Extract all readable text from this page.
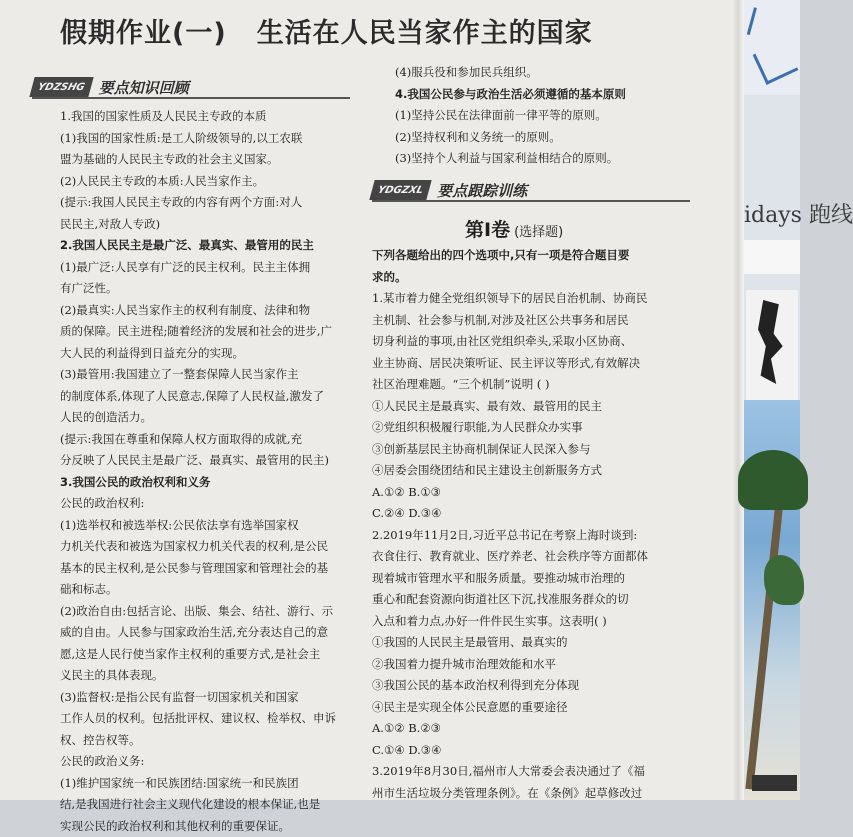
假期作业(一) 生活在人民当家作主的国家
YDZSHG 要点知识回顾
1.我国的国家性质及人民民主专政的本质
(1)我国的国家性质:是工人阶级领导的,以工农联
盟为基础的人民民主专政的社会主义国家。
(2)人民民主专政的本质:人民当家作主。
(提示:我国人民民主专政的内容有两个方面:对人
民民主,对敌人专政)
2.我国人民民主是最广泛、最真实、最管用的民主
(1)最广泛:人民享有广泛的民主权利。民主主体拥
有广泛性。
(2)最真实:人民当家作主的权利有制度、法律和物
质的保障。民主进程;随着经济的发展和社会的进步,广
大人民的利益得到日益充分的实现。
(3)最管用:我国建立了一整套保障人民当家作主
的制度体系,体现了人民意志,保障了人民权益,激发了
人民的创造活力。
(提示:我国在尊重和保障人权方面取得的成就,充
分反映了人民民主是最广泛、最真实、最管用的民主)
3.我国公民的政治权利和义务
公民的政治权利:
(1)选举权和被选举权:公民依法享有选举国家权
力机关代表和被选为国家权力机关代表的权利,是公民
基本的民主权利,是公民参与管理国家和管理社会的基
础和标志。
(2)政治自由:包括言论、出版、集会、结社、游行、示
威的自由。人民参与国家政治生活,充分表达自己的意
愿,这是人民行使当家作主权利的重要方式,是社会主
义民主的具体表现。
(3)监督权:是指公民有监督一切国家机关和国家
工作人员的权利。包括批评权、建议权、检举权、申诉
权、控告权等。
公民的政治义务:
(1)维护国家统一和民族团结:国家统一和民族团
结,是我国进行社会主义现代化建设的根本保证,也是
实现公民的政治权利和其他权利的重要保证。
(4)服兵役和参加民兵组织。
4.我国公民参与政治生活必须遵循的基本原则
(1)坚持公民在法律面前一律平等的原则。
(2)坚持权利和义务统一的原则。
(3)坚持个人利益与国家利益相结合的原则。
YDGZXL 要点跟踪训练
第Ⅰ卷 (选择题)
下列各题给出的四个选项中,只有一项是符合题目要
求的。
1.某市着力健全党组织领导下的居民自治机制、协商民
主机制、社会参与机制,对涉及社区公共事务和居民
切身利益的事项,由社区党组织牵头,采取小区协商、
业主协商、居民决策听证、民主评议等形式,有效解决
社区治理难题。“三个机制”说明 ( )
①人民民主是最真实、最有效、最管用的民主
②党组织积极履行职能,为人民群众办实事
③创新基层民主协商机制保证人民深入参与
④居委会围绕团结和民主建设主创新服务方式
A.①② B.①③
C.②④ D.③④
2.2019年11月2日,习近平总书记在考察上海时谈到:
衣食住行、教育就业、医疗养老、社会秩序等方面都体
现着城市管理水平和服务质量。要推动城市治理的
重心和配套资源向街道社区下沉,找准服务群众的切
入点和着力点,办好一件件民生实事。这表明( )
①我国的人民民主是最管用、最真实的
②我国着力提升城市治理效能和水平
③我国公民的基本政治权利得到充分体现
④民主是实现全体公民意愿的重要途径
A.①② B.②③
C.①④ D.③④
3.2019年8月30日,福州市人大常委会表决通过了《福
州市生活垃圾分类管理条例》。在《条例》起草修改过
idays 跑线
